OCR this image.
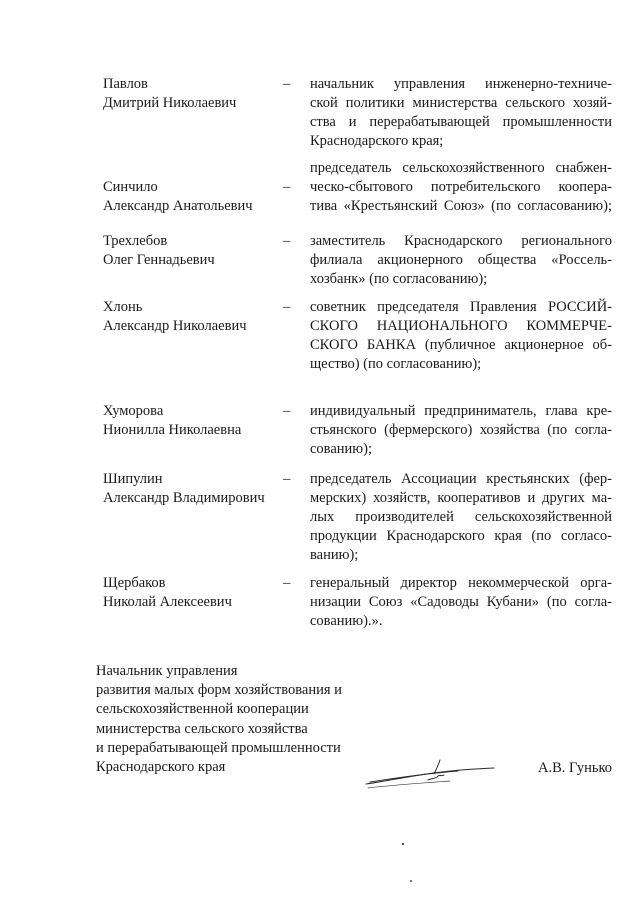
Павлов
Дмитрий Николаевич
– начальник управления инженерно-техниче-
ской политики министерства сельского хозяй-
ства и перерабатывающей промышленности
Краснодарского края;
Синчило
Александр Анатольевич
–
председатель сельскохозяйственного снабжен-
ческо-сбытового потребительского коопера-
тива «Крестьянский Союз» (по согласованию);
Трехлебов
Олег Геннадьевич
– заместитель Краснодарского регионального
филиала акционерного общества «Россель-
хозбанк» (по согласованию);
Хлонь
Александр Николаевич
– советник председателя Правления РОССИЙ-
СКОГО НАЦИОНАЛЬНОГО КОММЕРЧЕ-
СКОГО БАНКА (публичное акционерное об-
щество) (по согласованию);
Хуморова
Нионилла Николаевна
– индивидуальный предприниматель, глава кре-
стьянского (фермерского) хозяйства (по согла-
сованию);
Шипулин
Александр Владимирович
– председатель Ассоциации крестьянских (фер-
мерских) хозяйств, кооперативов и других ма-
лых производителей сельскохозяйственной
продукции Краснодарского края (по согласо-
ванию);
Щербаков
Николай Алексеевич
– генеральный директор некоммерческой орга-
низации Союз «Садоводы Кубани» (по согла-
сованию).».
Начальник управления
развития малых форм хозяйствования и
сельскохозяйственной кооперации
министерства сельского хозяйства
и перерабатывающей промышленности
Краснодарского края	А.В. Гунько
